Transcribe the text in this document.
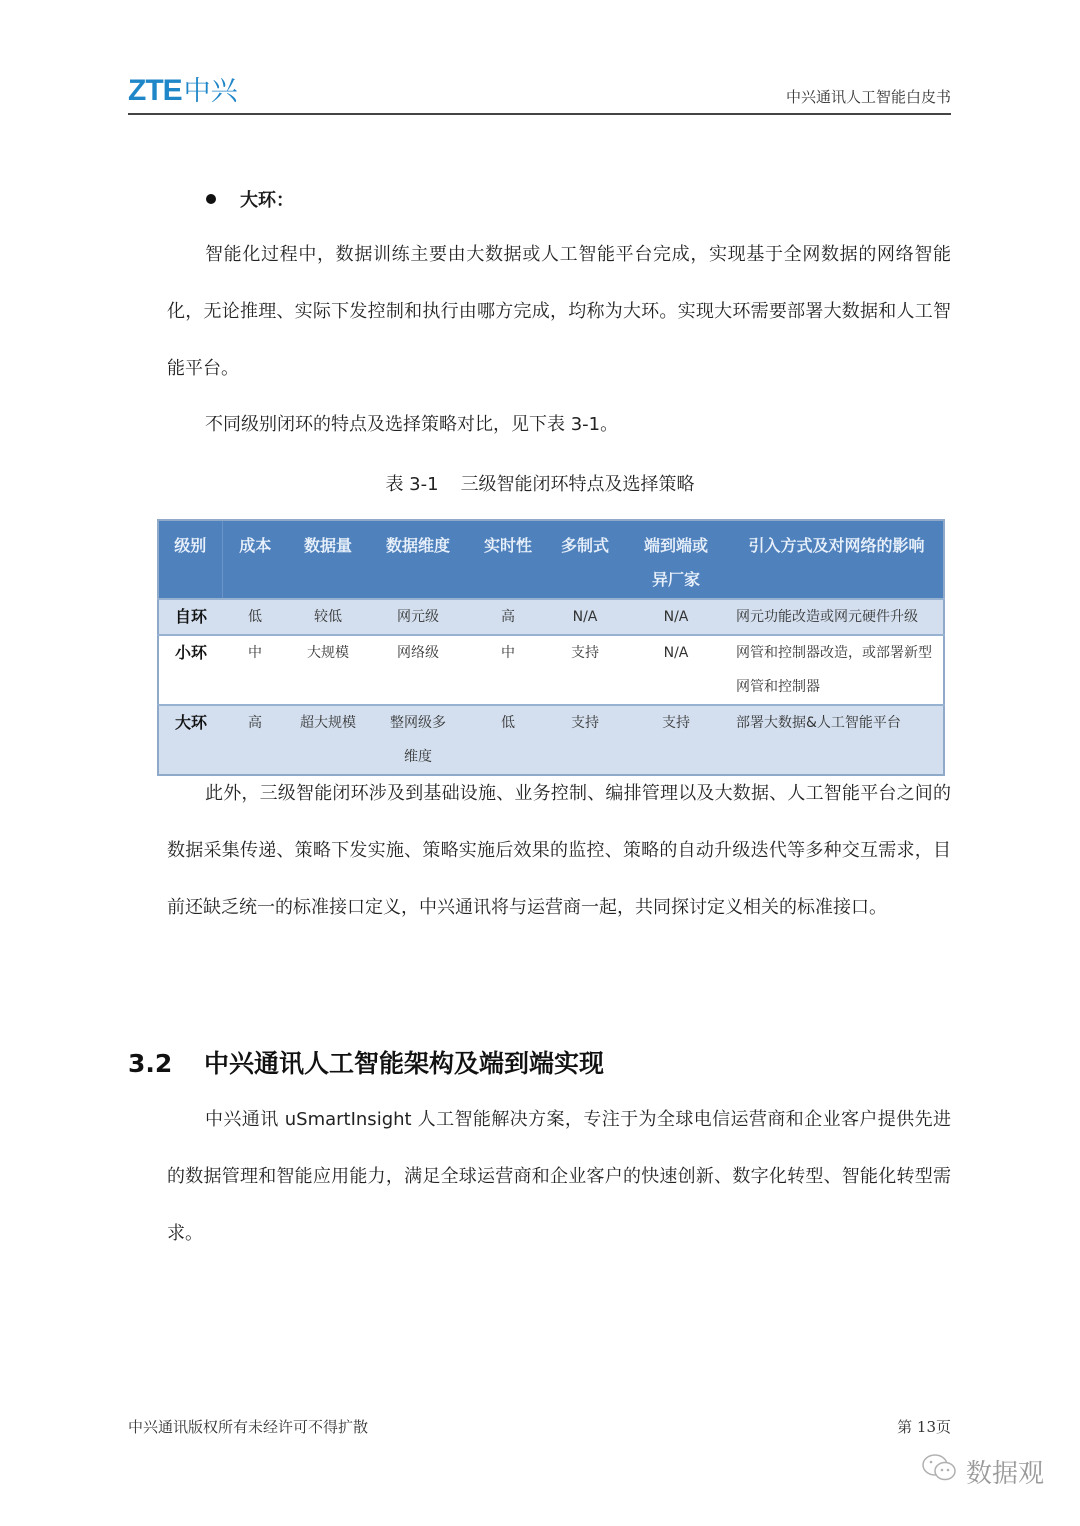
ZTE中兴	中兴通讯人工智能白皮书
大环：
智能化过程中，数据训练主要由大数据或人工智能平台完成，实现基于全网数据的网络智能化，无论推理、实际下发控制和执行由哪方完成，均称为大环。实现大环需要部署大数据和人工智能平台。
不同级别闭环的特点及选择策略对比，见下表 3-1。
表 3-1 三级智能闭环特点及选择策略
级别	成本	数据量	数据维度	实时性	多制式	端到端或异厂家	引入方式及对网络的影响
自环	低	较低	网元级	高	N/A	N/A	网元功能改造或网元硬件升级
小环	中	大规模	网络级	中	支持	N/A	网管和控制器改造，或部署新型网管和控制器
大环	高	超大规模	整网级多维度	低	支持	支持	部署大数据&人工智能平台
此外，三级智能闭环涉及到基础设施、业务控制、编排管理以及大数据、人工智能平台之间的数据采集传递、策略下发实施、策略实施后效果的监控、策略的自动升级迭代等多种交互需求，目前还缺乏统一的标准接口定义，中兴通讯将与运营商一起，共同探讨定义相关的标准接口。
3.2 中兴通讯人工智能架构及端到端实现
中兴通讯 uSmartInsight 人工智能解决方案，专注于为全球电信运营商和企业客户提供先进的数据管理和智能应用能力，满足全球运营商和企业客户的快速创新、数字化转型、智能化转型需求。
中兴通讯版权所有未经许可不得扩散	第 13页
数据观
